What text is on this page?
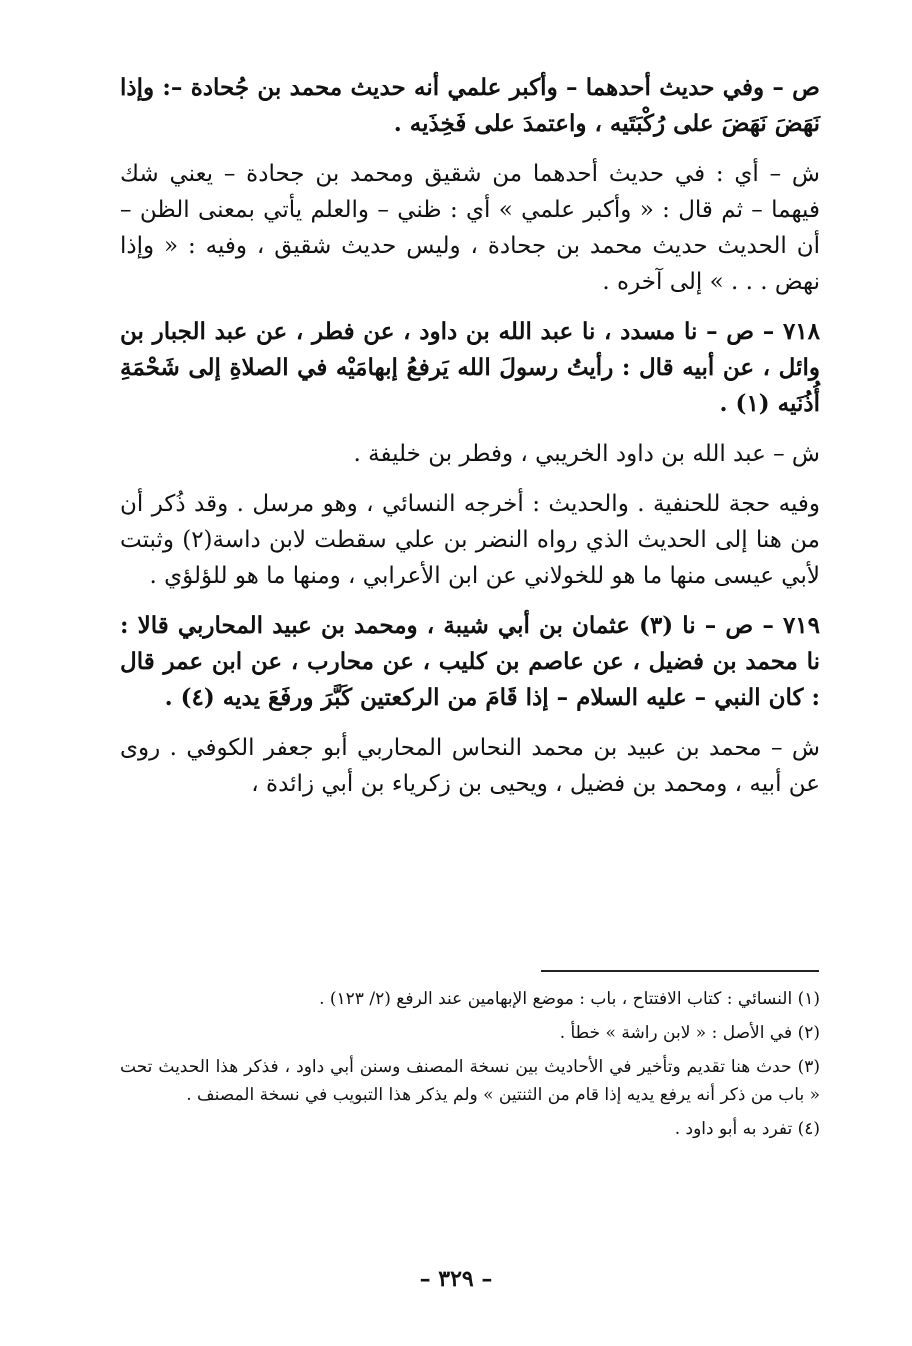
ص – وفي حديث أحدهما – وأكبر علمي أنه حديث محمد بن جُحادة –: وإذا نَهَضَ نَهَضَ على رُكْبَتَيه ، واعتمدَ على فَخِذَيه .

ش – أي : في حديث أحدهما من شقيق ومحمد بن جحادة – يعني شك فيهما – ثم قال : « وأكبر علمي » أي : ظني – والعلم يأتي بمعنى الظن – أن الحديث حديث محمد بن جحادة ، وليس حديث شقيق ، وفيه : « وإذا نهض . . . » إلى آخره .

٧١٨ – ص – نا مسدد ، نا عبد الله بن داود ، عن فطر ، عن عبد الجبار بن وائل ، عن أبيه قال : رأيتُ رسولَ الله يَرفعُ إبهامَيْه في الصلاةِ إلى شَحْمَةِ أُذُنَيه (١) .

ش – عبد الله بن داود الخريبي ، وفطر بن خليفة .

وفيه حجة للحنفية . والحديث : أخرجه النسائي ، وهو مرسل . وقد ذُكر أن من هنا إلى الحديث الذي رواه النضر بن علي سقطت لابن داسة(٢) وثبتت لأبي عيسى منها ما هو للخولاني عن ابن الأعرابي ، ومنها ما هو للؤلؤي .

٧١٩ – ص – نا (٣) عثمان بن أبي شيبة ، ومحمد بن عبيد المحاربي قالا : نا محمد بن فضيل ، عن عاصم بن كليب ، عن محارب ، عن ابن عمر قال : كان النبي – عليه السلام – إذا قَامَ من الركعتين كَبَّرَ ورفَعَ يديه (٤) .

ش – محمد بن عبيد بن محمد النحاس المحاربي أبو جعفر الكوفي . روى عن أبيه ، ومحمد بن فضيل ، ويحيى بن زكرياء بن أبي زائدة ،

(١) النسائي : كتاب الافتتاح ، باب : موضع الإبهامين عند الرفع (٢/ ١٢٣) .

(٢) في الأصل : « لابن راشة » خطأ .

(٣) حدث هنا تقديم وتأخير في الأحاديث بين نسخة المصنف وسنن أبي داود ، فذكر هذا الحديث تحت « باب من ذكر أنه يرفع يديه إذا قام من الثنتين » ولم يذكر هذا التبويب في نسخة المصنف .

(٤) تفرد به أبو داود .

– ٣٢٩ –
